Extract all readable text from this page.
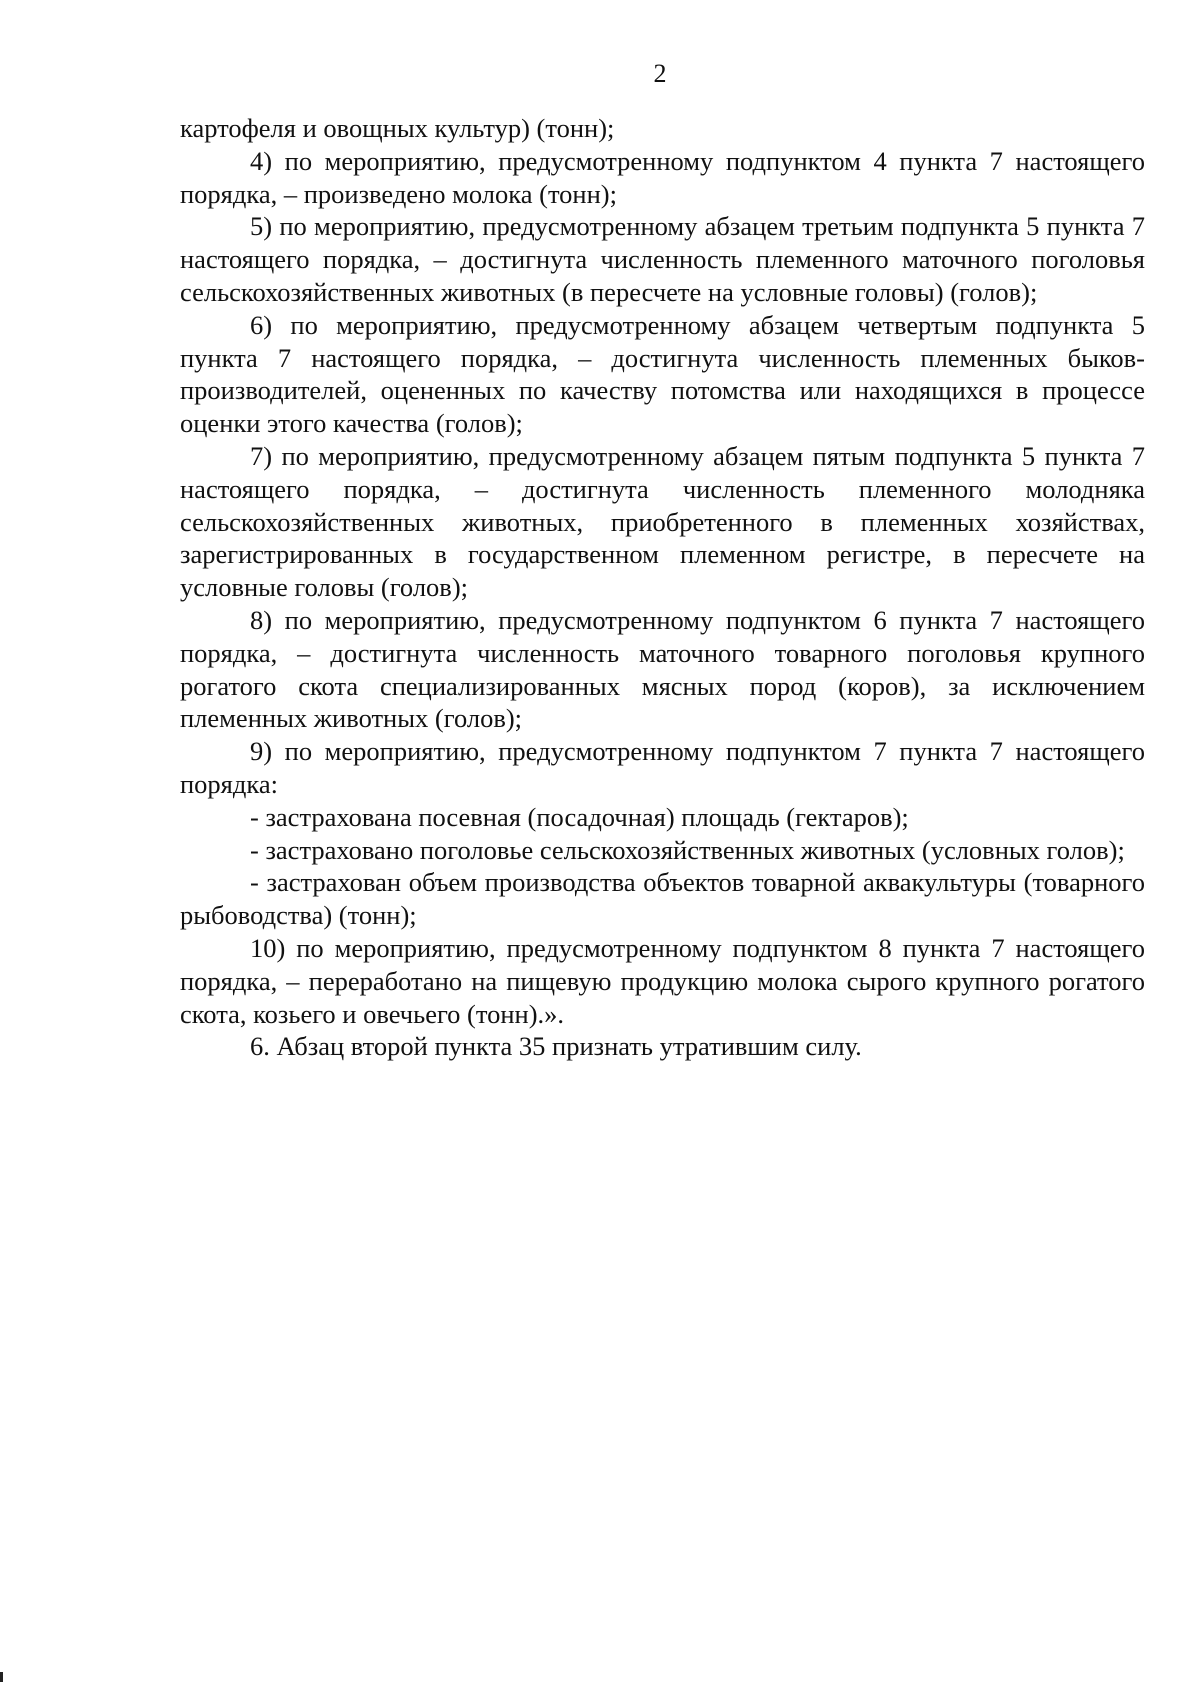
2

картофеля и овощных культур) (тонн);

4) по мероприятию, предусмотренному подпунктом 4 пункта 7 настоящего порядка, – произведено молока (тонн);

5) по мероприятию, предусмотренному абзацем третьим подпункта 5 пункта 7 настоящего порядка, – достигнута численность племенного маточного поголовья сельскохозяйственных животных (в пересчете на условные головы) (голов);

6) по мероприятию, предусмотренному абзацем четвертым подпункта 5 пункта 7 настоящего порядка, – достигнута численность племенных быков-производителей, оцененных по качеству потомства или находящихся в процессе оценки этого качества (голов);

7) по мероприятию, предусмотренному абзацем пятым подпункта 5 пункта 7 настоящего порядка, – достигнута численность племенного молодняка сельскохозяйственных животных, приобретенного в племенных хозяйствах, зарегистрированных в государственном племенном регистре, в пересчете на условные головы (голов);

8) по мероприятию, предусмотренному подпунктом 6 пункта 7 настоящего порядка, – достигнута численность маточного товарного поголовья крупного рогатого скота специализированных мясных пород (коров), за исключением племенных животных (голов);

9) по мероприятию, предусмотренному подпунктом 7 пункта 7 настоящего порядка:

- застрахована посевная (посадочная) площадь (гектаров);

- застраховано поголовье сельскохозяйственных животных (условных голов);

- застрахован объем производства объектов товарной аквакультуры (товарного рыбоводства) (тонн);

10) по мероприятию, предусмотренному подпунктом 8 пункта 7 настоящего порядка, – переработано на пищевую продукцию молока сырого крупного рогатого скота, козьего и овечьего (тонн).».

6. Абзац второй пункта 35 признать утратившим силу.
